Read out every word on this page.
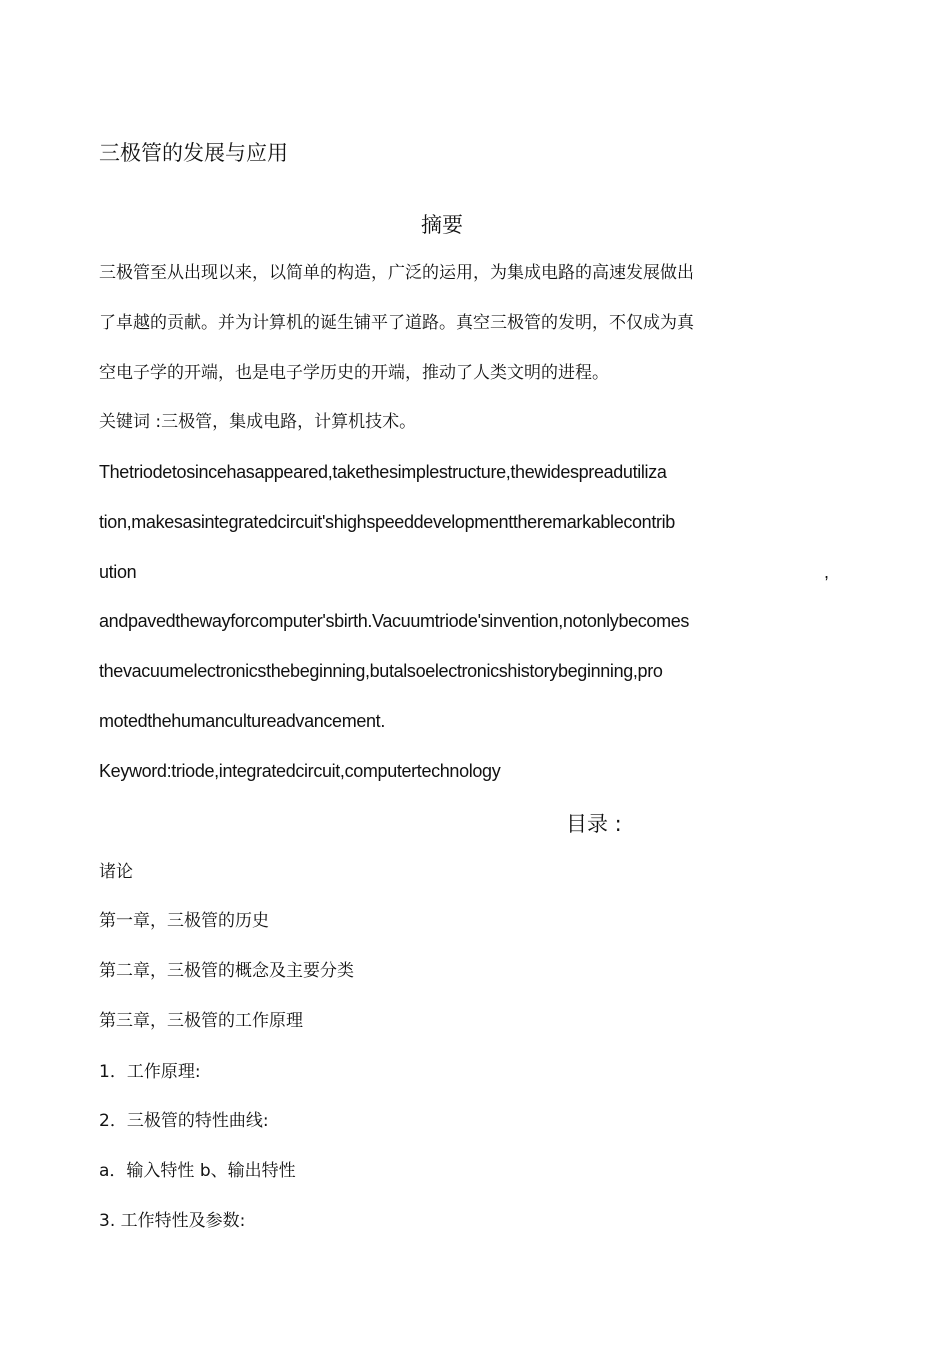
三极管的发展与应用
摘要
三极管至从出现以来，以简单的构造，广泛的运用，为集成电路的高速发展做出
了卓越的贡献。并为计算机的诞生铺平了道路。真空三极管的发明，不仅成为真
空电子学的开端，也是电子学历史的开端，推动了人类文明的进程。
关键词 :三极管，集成电路，计算机技术。
Thetriodetosincehasappeared,takethesimplestructure,thewidespreadutiliza
tion,makesasintegratedcircuit'shighspeeddevelopmenttheremarkablecontrib
ution	,
andpavedthewayforcomputer'sbirth.Vacuumtriode'sinvention,notonlybecomes
thevacuumelectronicsthebeginning,butalsoelectronicshistorybeginning,pro
motedthehumancultureadvancement.
Keyword:triode,integratedcircuit,computertechnology
目录 :
诸论
第一章，三极管的历史
第二章，三极管的概念及主要分类
第三章，三极管的工作原理
1．工作原理:
2．三极管的特性曲线:
a．输入特性 b、输出特性
3. 工作特性及参数:
